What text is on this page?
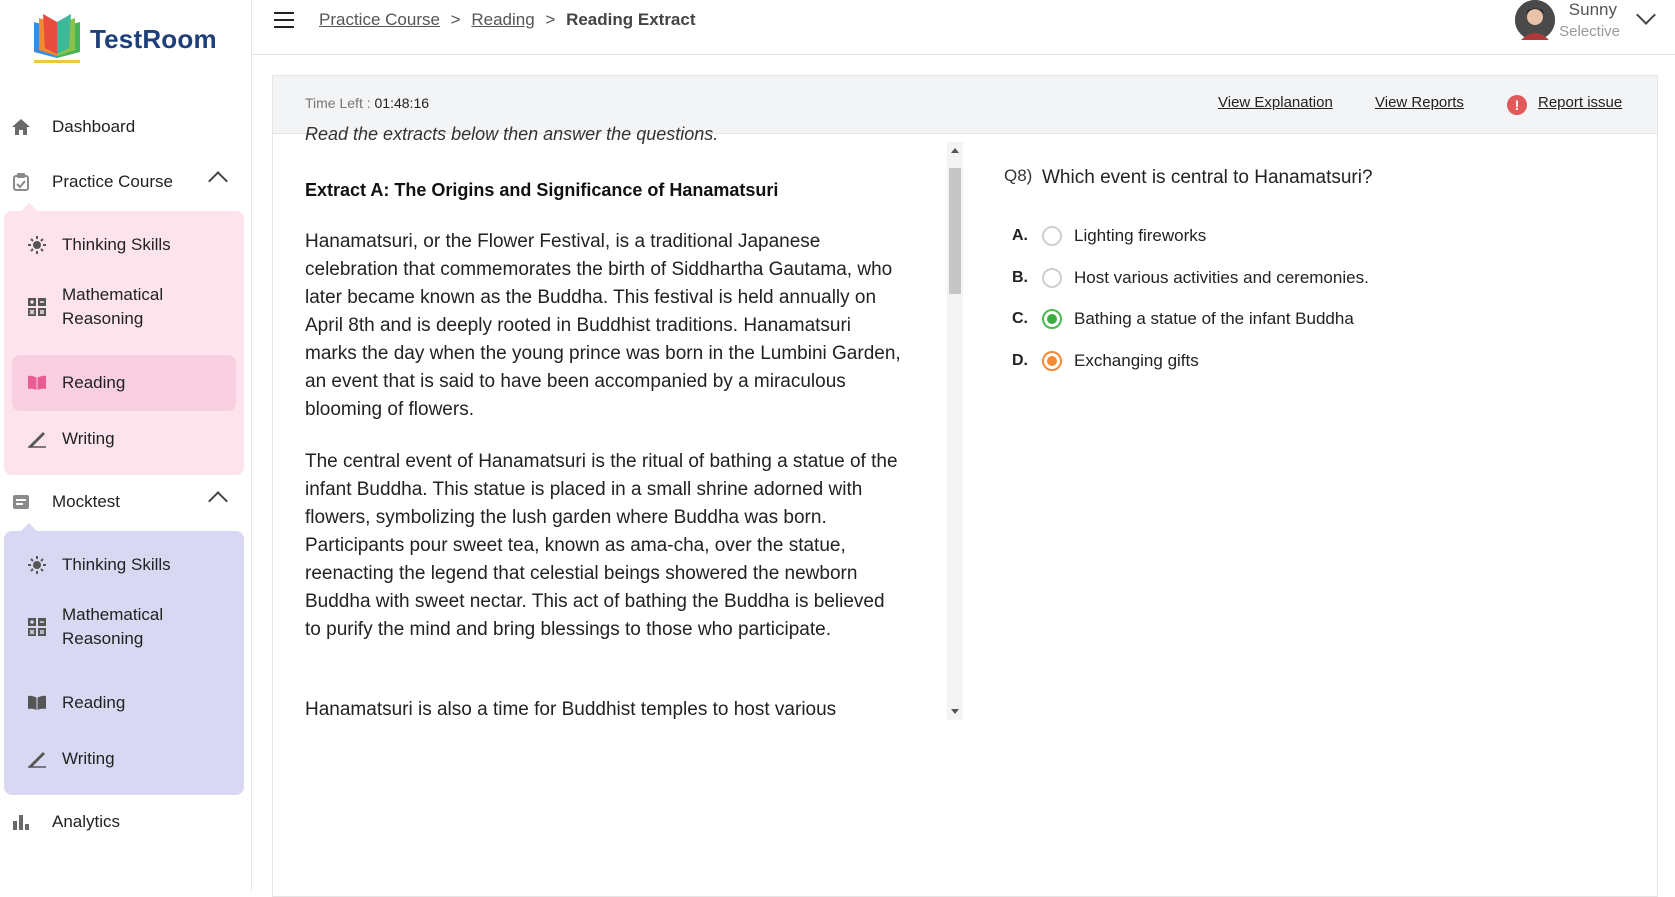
TestRoom
Dashboard
Practice Course
Thinking Skills
Mathematical Reasoning
Reading
Writing
Mocktest
Thinking Skills
Mathematical Reasoning
Reading
Writing
Analytics
Practice Course > Reading > Reading Extract
Sunny
Selective
Time Left : 01:48:16	View Explanation	View Reports	!	Report issue
Read the extracts below then answer the questions.
Extract A: The Origins and Significance of Hanamatsuri

Hanamatsuri, or the Flower Festival, is a traditional Japanese celebration that commemorates the birth of Siddhartha Gautama, who later became known as the Buddha. This festival is held annually on April 8th and is deeply rooted in Buddhist traditions. Hanamatsuri marks the day when the young prince was born in the Lumbini Garden, an event that is said to have been accompanied by a miraculous blooming of flowers.

The central event of Hanamatsuri is the ritual of bathing a statue of the infant Buddha. This statue is placed in a small shrine adorned with flowers, symbolizing the lush garden where Buddha was born. Participants pour sweet tea, known as ama-cha, over the statue, reenacting the legend that celestial beings showered the newborn Buddha with sweet nectar. This act of bathing the Buddha is believed to purify the mind and bring blessings to those who participate.

Hanamatsuri is also a time for Buddhist temples to host various

Q8) Which event is central to Hanamatsuri?
A.	Lighting fireworks
B.	Host various activities and ceremonies.
C.	Bathing a statue of the infant Buddha
D.	Exchanging gifts
